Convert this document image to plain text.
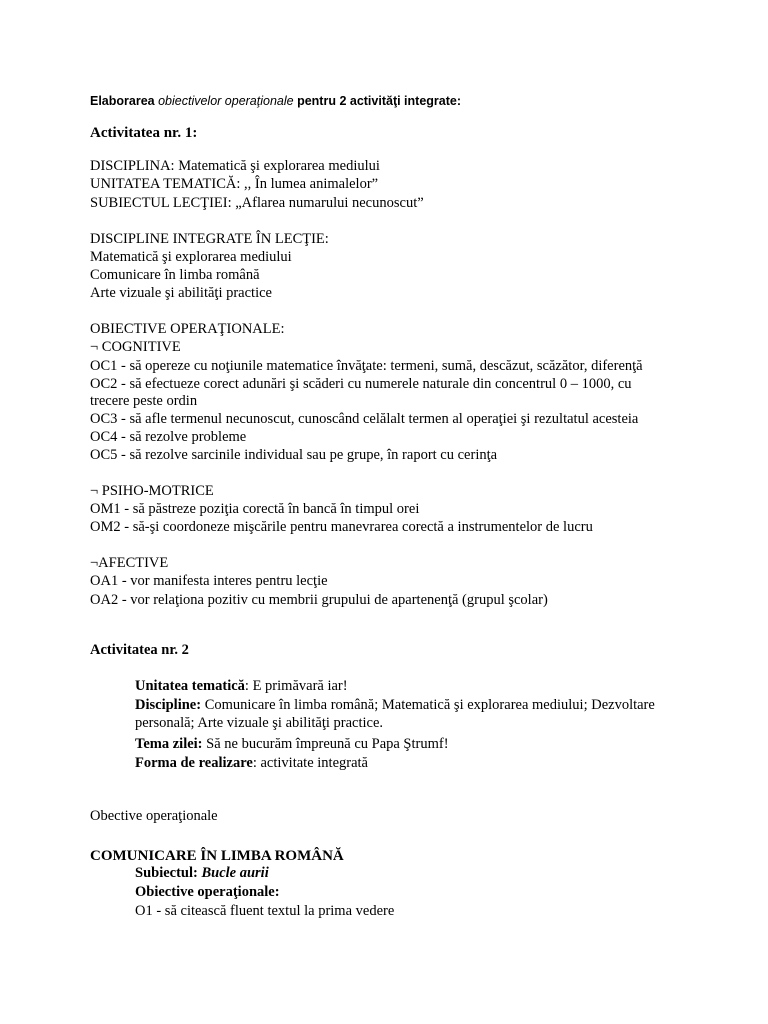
Elaborarea obiectivelor operaţionale pentru 2 activităţi integrate:
Activitatea nr. 1:
DISCIPLINA: Matematică şi explorarea mediului
UNITATEA TEMATICĂ: ,, În lumea animalelor”
SUBIECTUL LECŢIEI: „Aflarea numarului necunoscut”
DISCIPLINE INTEGRATE ÎN LECŢIE:
Matematică şi explorarea mediului
Comunicare în limba română
Arte vizuale şi abilităţi practice
OBIECTIVE OPERAŢIONALE:
¬ COGNITIVE
OC1 - să opereze cu noţiunile matematice învăţate: termeni, sumă, descăzut, scăzător, diferenţă
OC2 - să efectueze corect adunări şi scăderi cu numerele naturale din concentrul 0 – 1000, cu
trecere peste ordin
OC3 - să afle termenul necunoscut, cunoscând celălalt termen al operaţiei şi rezultatul acesteia
OC4 - să rezolve probleme
OC5 - să rezolve sarcinile individual sau pe grupe, în raport cu cerinţa
¬ PSIHO-MOTRICE
OM1 - să păstreze poziţia corectă în bancă în timpul orei
OM2 - să-şi coordoneze mişcările pentru manevrarea corectă a instrumentelor de lucru
¬AFECTIVE
OA1 - vor manifesta interes pentru lecţie
OA2 - vor relaţiona pozitiv cu membrii grupului de apartenenţă (grupul şcolar)
Activitatea nr. 2
Unitatea tematică: E primăvară iar!
Discipline: Comunicare în limba română; Matematică şi explorarea mediului; Dezvoltare
personală; Arte vizuale şi abilităţi practice.
Tema zilei: Să ne bucurăm împreună cu Papa Ştrumf!
Forma de realizare: activitate integrată
Obective operaţionale
COMUNICARE ÎN LIMBA ROMÂNĂ
Subiectul: Bucle aurii
Obiective operaţionale:
O1 - să citească fluent textul la prima vedere
